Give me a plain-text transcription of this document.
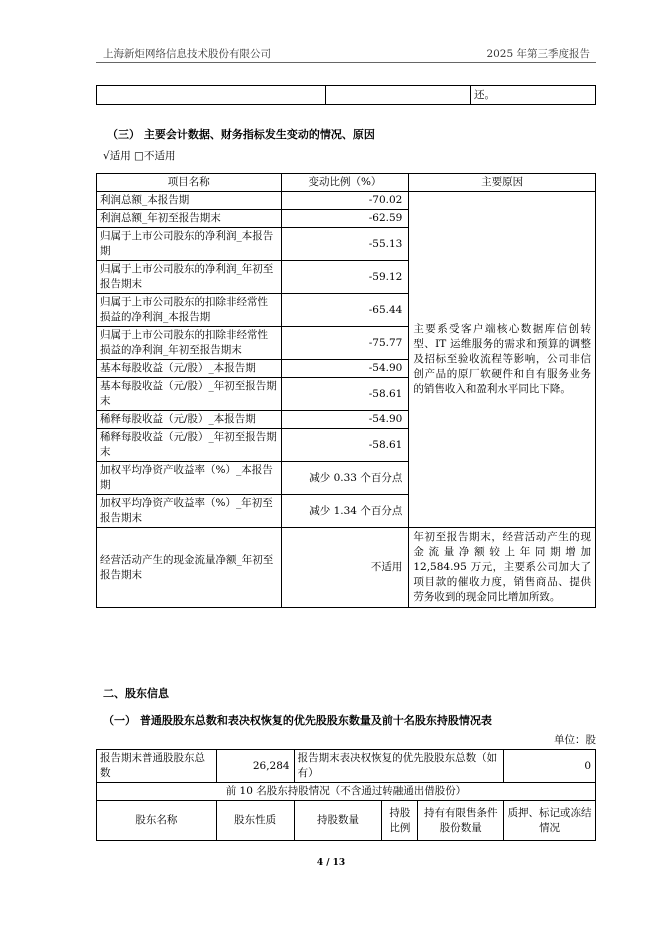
上海新炬网络信息技术股份有限公司	2025 年第三季度报告
		还。
（三） 主要会计数据、财务指标发生变动的情况、原因
√适用 □不适用
项目名称	变动比例（%）	主要原因
利润总额_本报告期	-70.02	主要系受客户端核心数据库信创转型、IT 运维服务的需求和预算的调整及招标至验收流程等影响，公司非信创产品的原厂软硬件和自有服务业务的销售收入和盈利水平同比下降。
利润总额_年初至报告期末	-62.59	
归属于上市公司股东的净利润_本报告期	-55.13	
归属于上市公司股东的净利润_年初至报告期末	-59.12	
归属于上市公司股东的扣除非经常性损益的净利润_本报告期	-65.44	
归属于上市公司股东的扣除非经常性损益的净利润_年初至报告期末	-75.77	
基本每股收益（元/股）_本报告期	-54.90	
基本每股收益（元/股）_年初至报告期末	-58.61	
稀释每股收益（元/股）_本报告期	-54.90	
稀释每股收益（元/股）_年初至报告期末	-58.61	
加权平均净资产收益率（%）_本报告期	减少 0.33 个百分点	
加权平均净资产收益率（%）_年初至报告期末	减少 1.34 个百分点	
经营活动产生的现金流量净额_年初至报告期末	不适用	年初至报告期末，经营活动产生的现金流量净额较上年同期增加 12,584.95 万元，主要系公司加大了项目款的催收力度，销售商品、提供劳务收到的现金同比增加所致。
二、股东信息
（一） 普通股股东总数和表决权恢复的优先股股东数量及前十名股东持股情况表
单位：股
报告期末普通股股东总数	26,284	报告期末表决权恢复的优先股股东总数（如有）			0
前 10 名股东持股情况（不含通过转融通出借股份）					
股东名称	股东性质	持股数量	持股比例	持有有限售条件股份数量	质押、标记或冻结情况
4 / 13
